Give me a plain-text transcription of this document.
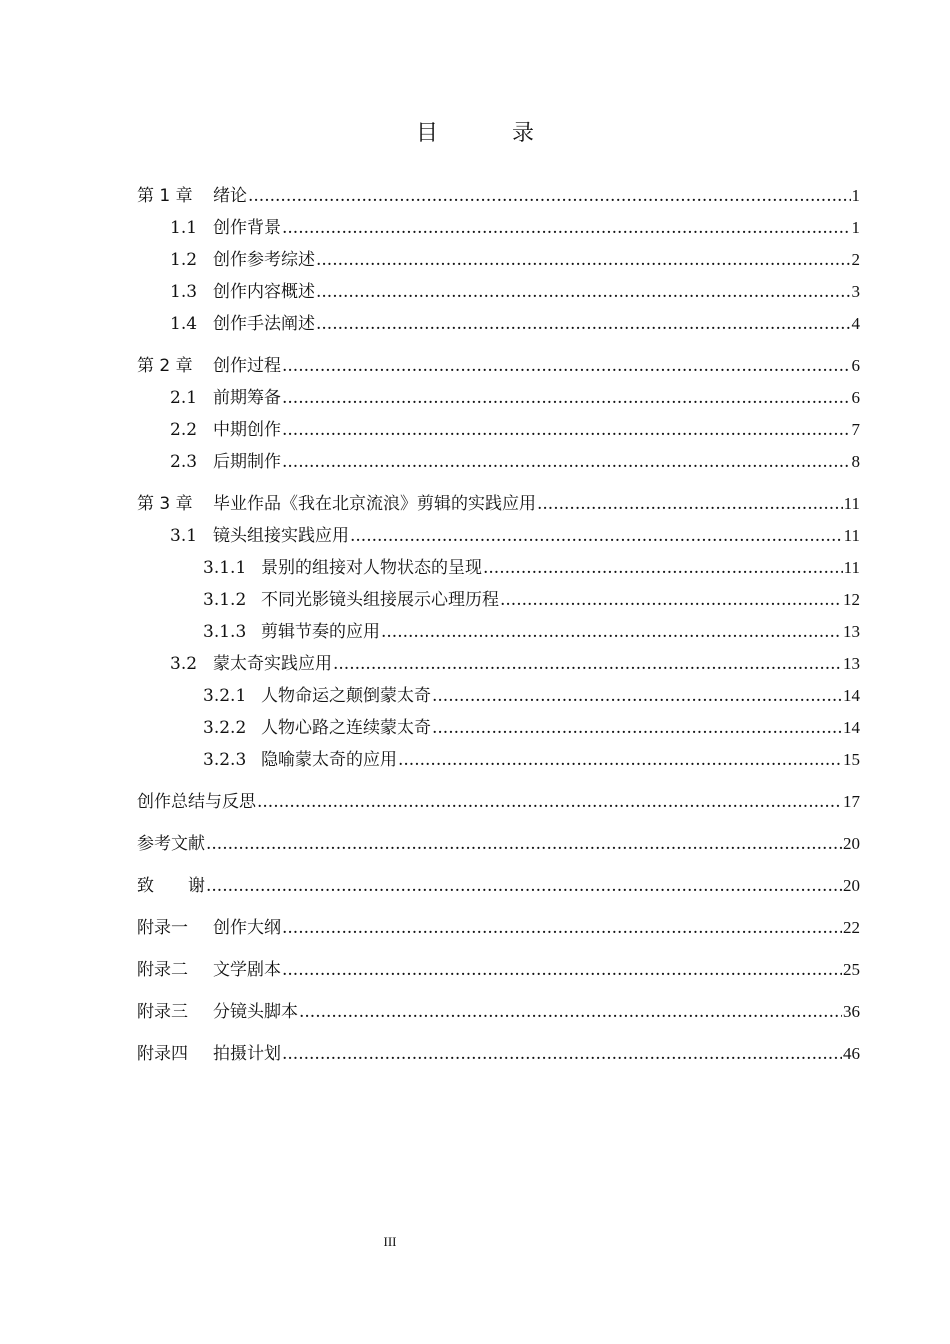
目　录
第 1 章	绪论 .....	1
1.1 创作背景 .....	1
1.2 创作参考综述 .....	2
1.3 创作内容概述 .....	3
1.4 创作手法阐述 .....	4
第 2 章	创作过程 .....	6
2.1 前期筹备 .....	6
2.2 中期创作 .....	7
2.3 后期制作 .....	8
第 3 章	毕业作品《我在北京流浪》剪辑的实践应用 .....	11
3.1 镜头组接实践应用 .....	11
3.1.1 景别的组接对人物状态的呈现 .....	11
3.1.2 不同光影镜头组接展示心理历程 .....	12
3.1.3 剪辑节奏的应用 .....	13
3.2 蒙太奇实践应用 .....	13
3.2.1 人物命运之颠倒蒙太奇 .....	14
3.2.2 人物心路之连续蒙太奇 .....	14
3.2.3 隐喻蒙太奇的应用 .....	15
创作总结与反思 .....	17
参考文献 .....	20
致　　谢 .....	20
附录一	创作大纲 .....	22
附录二	文学剧本 .....	25
附录三	分镜头脚本 .....	36
附录四	拍摄计划 .....	46
III
